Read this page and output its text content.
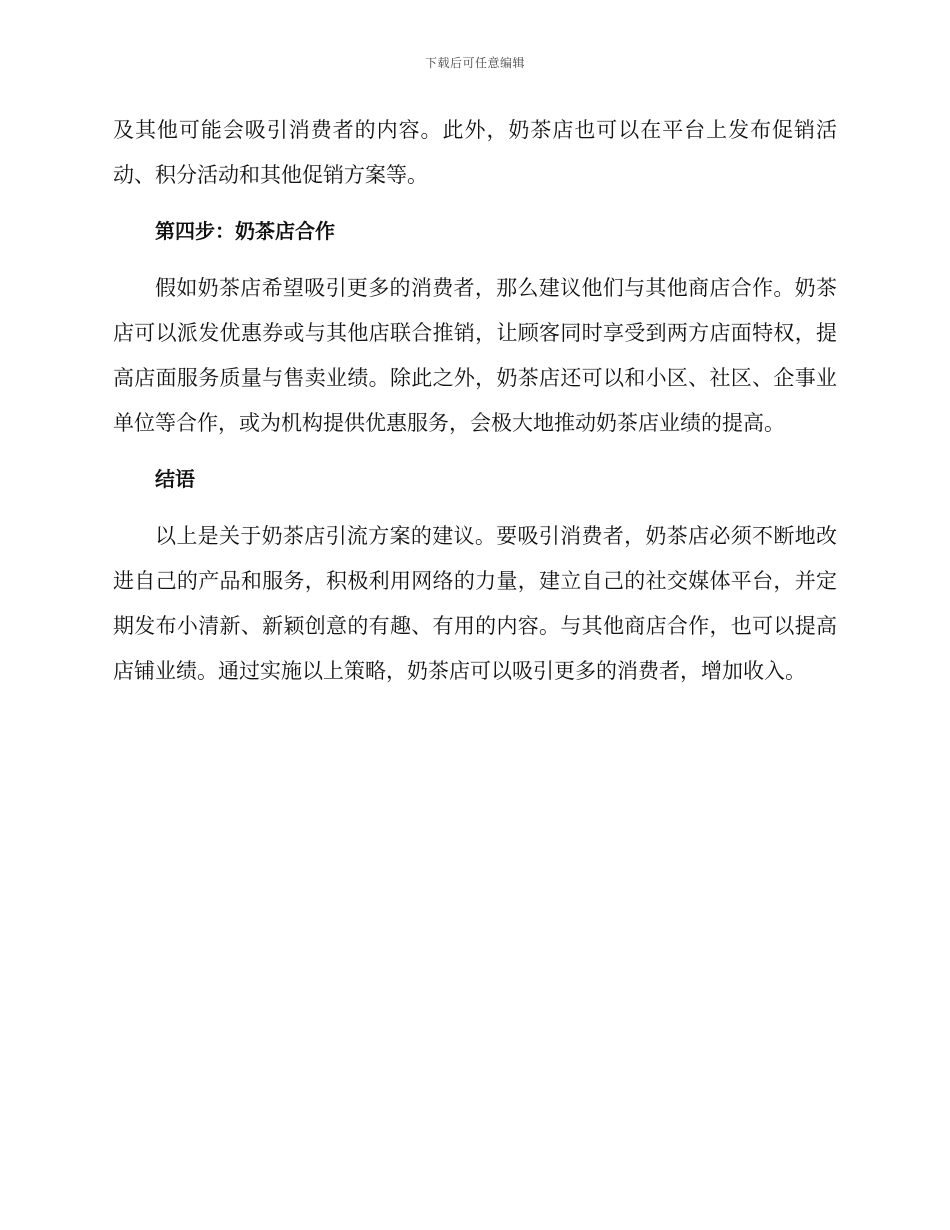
下载后可任意编辑

及其他可能会吸引消费者的内容。此外，奶茶店也可以在平台上发布促销活动、积分活动和其他促销方案等。

第四步：奶茶店合作

假如奶茶店希望吸引更多的消费者，那么建议他们与其他商店合作。奶茶店可以派发优惠券或与其他店联合推销，让顾客同时享受到两方店面特权，提高店面服务质量与售卖业绩。除此之外，奶茶店还可以和小区、社区、企事业单位等合作，或为机构提供优惠服务，会极大地推动奶茶店业绩的提高。

结语

以上是关于奶茶店引流方案的建议。要吸引消费者，奶茶店必须不断地改进自己的产品和服务，积极利用网络的力量，建立自己的社交媒体平台，并定期发布小清新、新颖创意的有趣、有用的内容。与其他商店合作，也可以提高店铺业绩。通过实施以上策略，奶茶店可以吸引更多的消费者，增加收入。
